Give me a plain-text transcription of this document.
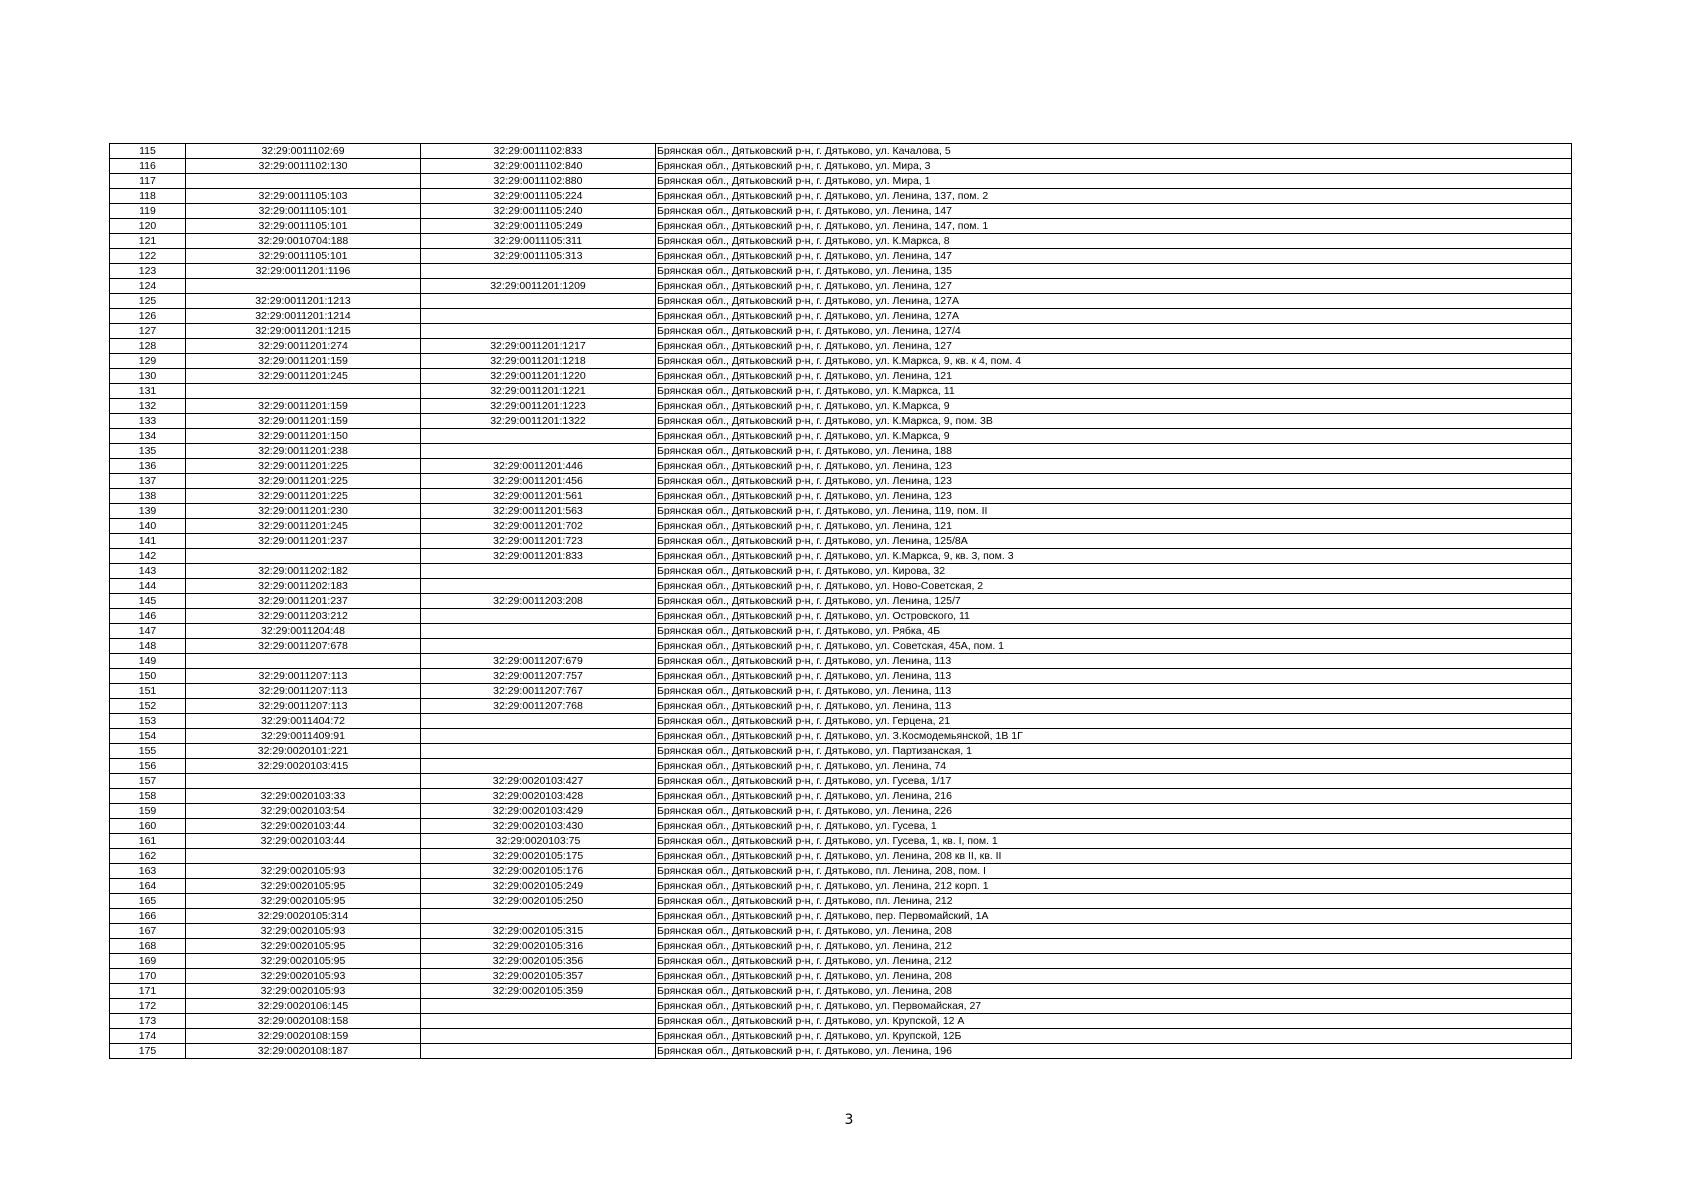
115	32:29:0011102:69	32:29:0011102:833	Брянская обл., Дятьковский р-н, г. Дятьково, ул. Качалова, 5
116	32:29:0011102:130	32:29:0011102:840	Брянская обл., Дятьковский р-н, г. Дятьково, ул. Мира, 3
117		32:29:0011102:880	Брянская обл., Дятьковский р-н, г. Дятьково, ул. Мира, 1
118	32:29:0011105:103	32:29:0011105:224	Брянская обл., Дятьковский р-н, г. Дятьково, ул. Ленина, 137, пом. 2
119	32:29:0011105:101	32:29:0011105:240	Брянская обл., Дятьковский р-н, г. Дятьково, ул. Ленина, 147
120	32:29:0011105:101	32:29:0011105:249	Брянская обл., Дятьковский р-н, г. Дятьково, ул. Ленина, 147, пом. 1
121	32:29:0010704:188	32:29:0011105:311	Брянская обл., Дятьковский р-н, г. Дятьково, ул. К.Маркса, 8
122	32:29:0011105:101	32:29:0011105:313	Брянская обл., Дятьковский р-н, г. Дятьково, ул. Ленина, 147
123	32:29:0011201:1196		Брянская обл., Дятьковский р-н, г. Дятьково, ул. Ленина, 135
124		32:29:0011201:1209	Брянская обл., Дятьковский р-н, г. Дятьково, ул. Ленина, 127
125	32:29:0011201:1213		Брянская обл., Дятьковский р-н, г. Дятьково, ул. Ленина, 127А
126	32:29:0011201:1214		Брянская обл., Дятьковский р-н, г. Дятьково, ул. Ленина, 127А
127	32:29:0011201:1215		Брянская обл., Дятьковский р-н, г. Дятьково, ул. Ленина, 127/4
128	32:29:0011201:274	32:29:0011201:1217	Брянская обл., Дятьковский р-н, г. Дятьково, ул. Ленина, 127
129	32:29:0011201:159	32:29:0011201:1218	Брянская обл., Дятьковский р-н, г. Дятьково, ул. К.Маркса, 9, кв. к 4, пом. 4
130	32:29:0011201:245	32:29:0011201:1220	Брянская обл., Дятьковский р-н, г. Дятьково, ул. Ленина, 121
131		32:29:0011201:1221	Брянская обл., Дятьковский р-н, г. Дятьково, ул. К.Маркса, 11
132	32:29:0011201:159	32:29:0011201:1223	Брянская обл., Дятьковский р-н, г. Дятьково, ул. К.Маркса, 9
133	32:29:0011201:159	32:29:0011201:1322	Брянская обл., Дятьковский р-н, г. Дятьково, ул. К.Маркса, 9, пом. 3В
134	32:29:0011201:150		Брянская обл., Дятьковский р-н, г. Дятьково, ул. К.Маркса, 9
135	32:29:0011201:238		Брянская обл., Дятьковский р-н, г. Дятьково, ул. Ленина, 188
136	32:29:0011201:225	32:29:0011201:446	Брянская обл., Дятьковский р-н, г. Дятьково, ул. Ленина, 123
137	32:29:0011201:225	32:29:0011201:456	Брянская обл., Дятьковский р-н, г. Дятьково, ул. Ленина, 123
138	32:29:0011201:225	32:29:0011201:561	Брянская обл., Дятьковский р-н, г. Дятьково, ул. Ленина, 123
139	32:29:0011201:230	32:29:0011201:563	Брянская обл., Дятьковский р-н, г. Дятьково, ул. Ленина, 119, пом. II
140	32:29:0011201:245	32:29:0011201:702	Брянская обл., Дятьковский р-н, г. Дятьково, ул. Ленина, 121
141	32:29:0011201:237	32:29:0011201:723	Брянская обл., Дятьковский р-н, г. Дятьково, ул. Ленина, 125/8А
142		32:29:0011201:833	Брянская обл., Дятьковский р-н, г. Дятьково, ул. К.Маркса, 9, кв. 3, пом. 3
143	32:29:0011202:182		Брянская обл., Дятьковский р-н, г. Дятьково, ул. Кирова, 32
144	32:29:0011202:183		Брянская обл., Дятьковский р-н, г. Дятьково, ул. Ново-Советская, 2
145	32:29:0011201:237	32:29:0011203:208	Брянская обл., Дятьковский р-н, г. Дятьково, ул. Ленина, 125/7
146	32:29:0011203:212		Брянская обл., Дятьковский р-н, г. Дятьково, ул. Островского, 11
147	32:29:0011204:48		Брянская обл., Дятьковский р-н, г. Дятьково, ул. Рябка, 4Б
148	32:29:0011207:678		Брянская обл., Дятьковский р-н, г. Дятьково, ул. Советская, 45А, пом. 1
149		32:29:0011207:679	Брянская обл., Дятьковский р-н, г. Дятьково, ул. Ленина, 113
150	32:29:0011207:113	32:29:0011207:757	Брянская обл., Дятьковский р-н, г. Дятьково, ул. Ленина, 113
151	32:29:0011207:113	32:29:0011207:767	Брянская обл., Дятьковский р-н, г. Дятьково, ул. Ленина, 113
152	32:29:0011207:113	32:29:0011207:768	Брянская обл., Дятьковский р-н, г. Дятьково, ул. Ленина, 113
153	32:29:0011404:72		Брянская обл., Дятьковский р-н, г. Дятьково, ул. Герцена, 21
154	32:29:0011409:91		Брянская обл., Дятьковский р-н, г. Дятьково, ул. З.Космодемьянской, 1В 1Г
155	32:29:0020101:221		Брянская обл., Дятьковский р-н, г. Дятьково, ул. Партизанская, 1
156	32:29:0020103:415		Брянская обл., Дятьковский р-н, г. Дятьково, ул. Ленина, 74
157		32:29:0020103:427	Брянская обл., Дятьковский р-н, г. Дятьково, ул. Гусева, 1/17
158	32:29:0020103:33	32:29:0020103:428	Брянская обл., Дятьковский р-н, г. Дятьково, ул. Ленина, 216
159	32:29:0020103:54	32:29:0020103:429	Брянская обл., Дятьковский р-н, г. Дятьково, ул. Ленина, 226
160	32:29:0020103:44	32:29:0020103:430	Брянская обл., Дятьковский р-н, г. Дятьково, ул. Гусева, 1
161	32:29:0020103:44	32:29:0020103:75	Брянская обл., Дятьковский р-н, г. Дятьково, ул. Гусева, 1, кв. I, пом. 1
162		32:29:0020105:175	Брянская обл., Дятьковский р-н, г. Дятьково, ул. Ленина, 208 кв II, кв. II
163	32:29:0020105:93	32:29:0020105:176	Брянская обл., Дятьковский р-н, г. Дятьково, пл. Ленина, 208, пом. I
164	32:29:0020105:95	32:29:0020105:249	Брянская обл., Дятьковский р-н, г. Дятьково, ул. Ленина, 212 корп. 1
165	32:29:0020105:95	32:29:0020105:250	Брянская обл., Дятьковский р-н, г. Дятьково, пл. Ленина, 212
166	32:29:0020105:314		Брянская обл., Дятьковский р-н, г. Дятьково, пер. Первомайский, 1А
167	32:29:0020105:93	32:29:0020105:315	Брянская обл., Дятьковский р-н, г. Дятьково, ул. Ленина, 208
168	32:29:0020105:95	32:29:0020105:316	Брянская обл., Дятьковский р-н, г. Дятьково, ул. Ленина, 212
169	32:29:0020105:95	32:29:0020105:356	Брянская обл., Дятьковский р-н, г. Дятьково, ул. Ленина, 212
170	32:29:0020105:93	32:29:0020105:357	Брянская обл., Дятьковский р-н, г. Дятьково, ул. Ленина, 208
171	32:29:0020105:93	32:29:0020105:359	Брянская обл., Дятьковский р-н, г. Дятьково, ул. Ленина, 208
172	32:29:0020106:145		Брянская обл., Дятьковский р-н, г. Дятьково, ул. Первомайская, 27
173	32:29:0020108:158		Брянская обл., Дятьковский р-н, г. Дятьково, ул. Крупской, 12 А
174	32:29:0020108:159		Брянская обл., Дятьковский р-н, г. Дятьково, ул. Крупской, 12Б
175	32:29:0020108:187		Брянская обл., Дятьковский р-н, г. Дятьково, ул. Ленина, 196
3
